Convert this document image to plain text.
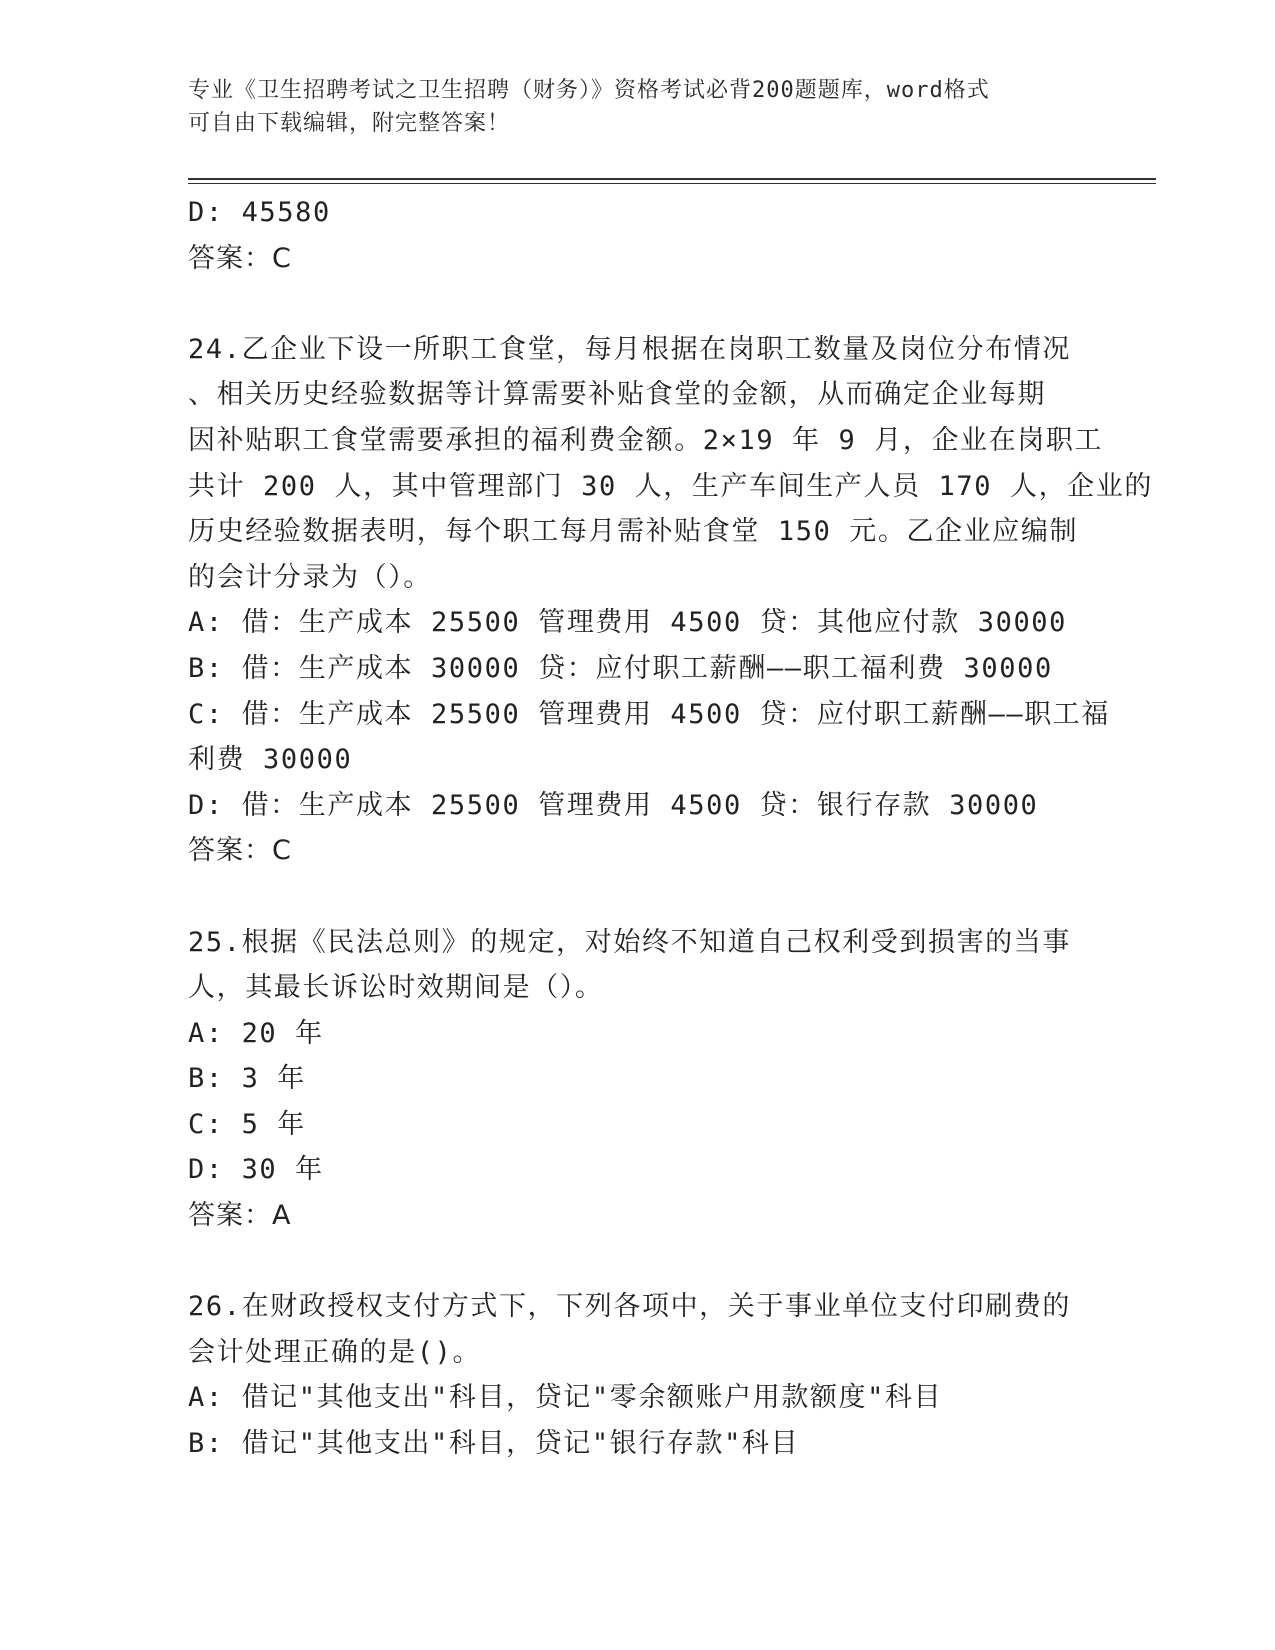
专业《卫生招聘考试之卫生招聘（财务）》资格考试必背200题题库，word格式
可自由下载编辑，附完整答案！
D: 45580
答案：C
24.乙企业下设一所职工食堂，每月根据在岗职工数量及岗位分布情况
、相关历史经验数据等计算需要补贴食堂的金额，从而确定企业每期
因补贴职工食堂需要承担的福利费金额。2×19 年 9 月，企业在岗职工
共计 200 人，其中管理部门 30 人，生产车间生产人员 170 人，企业的
历史经验数据表明，每个职工每月需补贴食堂 150 元。乙企业应编制
的会计分录为（）。
A: 借：生产成本 25500 管理费用 4500 贷：其他应付款 30000
B: 借：生产成本 30000 贷：应付职工薪酬——职工福利费 30000
C: 借：生产成本 25500 管理费用 4500 贷：应付职工薪酬——职工福
利费 30000
D: 借：生产成本 25500 管理费用 4500 贷：银行存款 30000
答案：C
25.根据《民法总则》的规定，对始终不知道自己权利受到损害的当事
人，其最长诉讼时效期间是（）。
A: 20 年
B: 3 年
C: 5 年
D: 30 年
答案：A
26.在财政授权支付方式下，下列各项中，关于事业单位支付印刷费的
会计处理正确的是()。
A: 借记"其他支出"科目，贷记"零余额账户用款额度"科目
B: 借记"其他支出"科目，贷记"银行存款"科目
